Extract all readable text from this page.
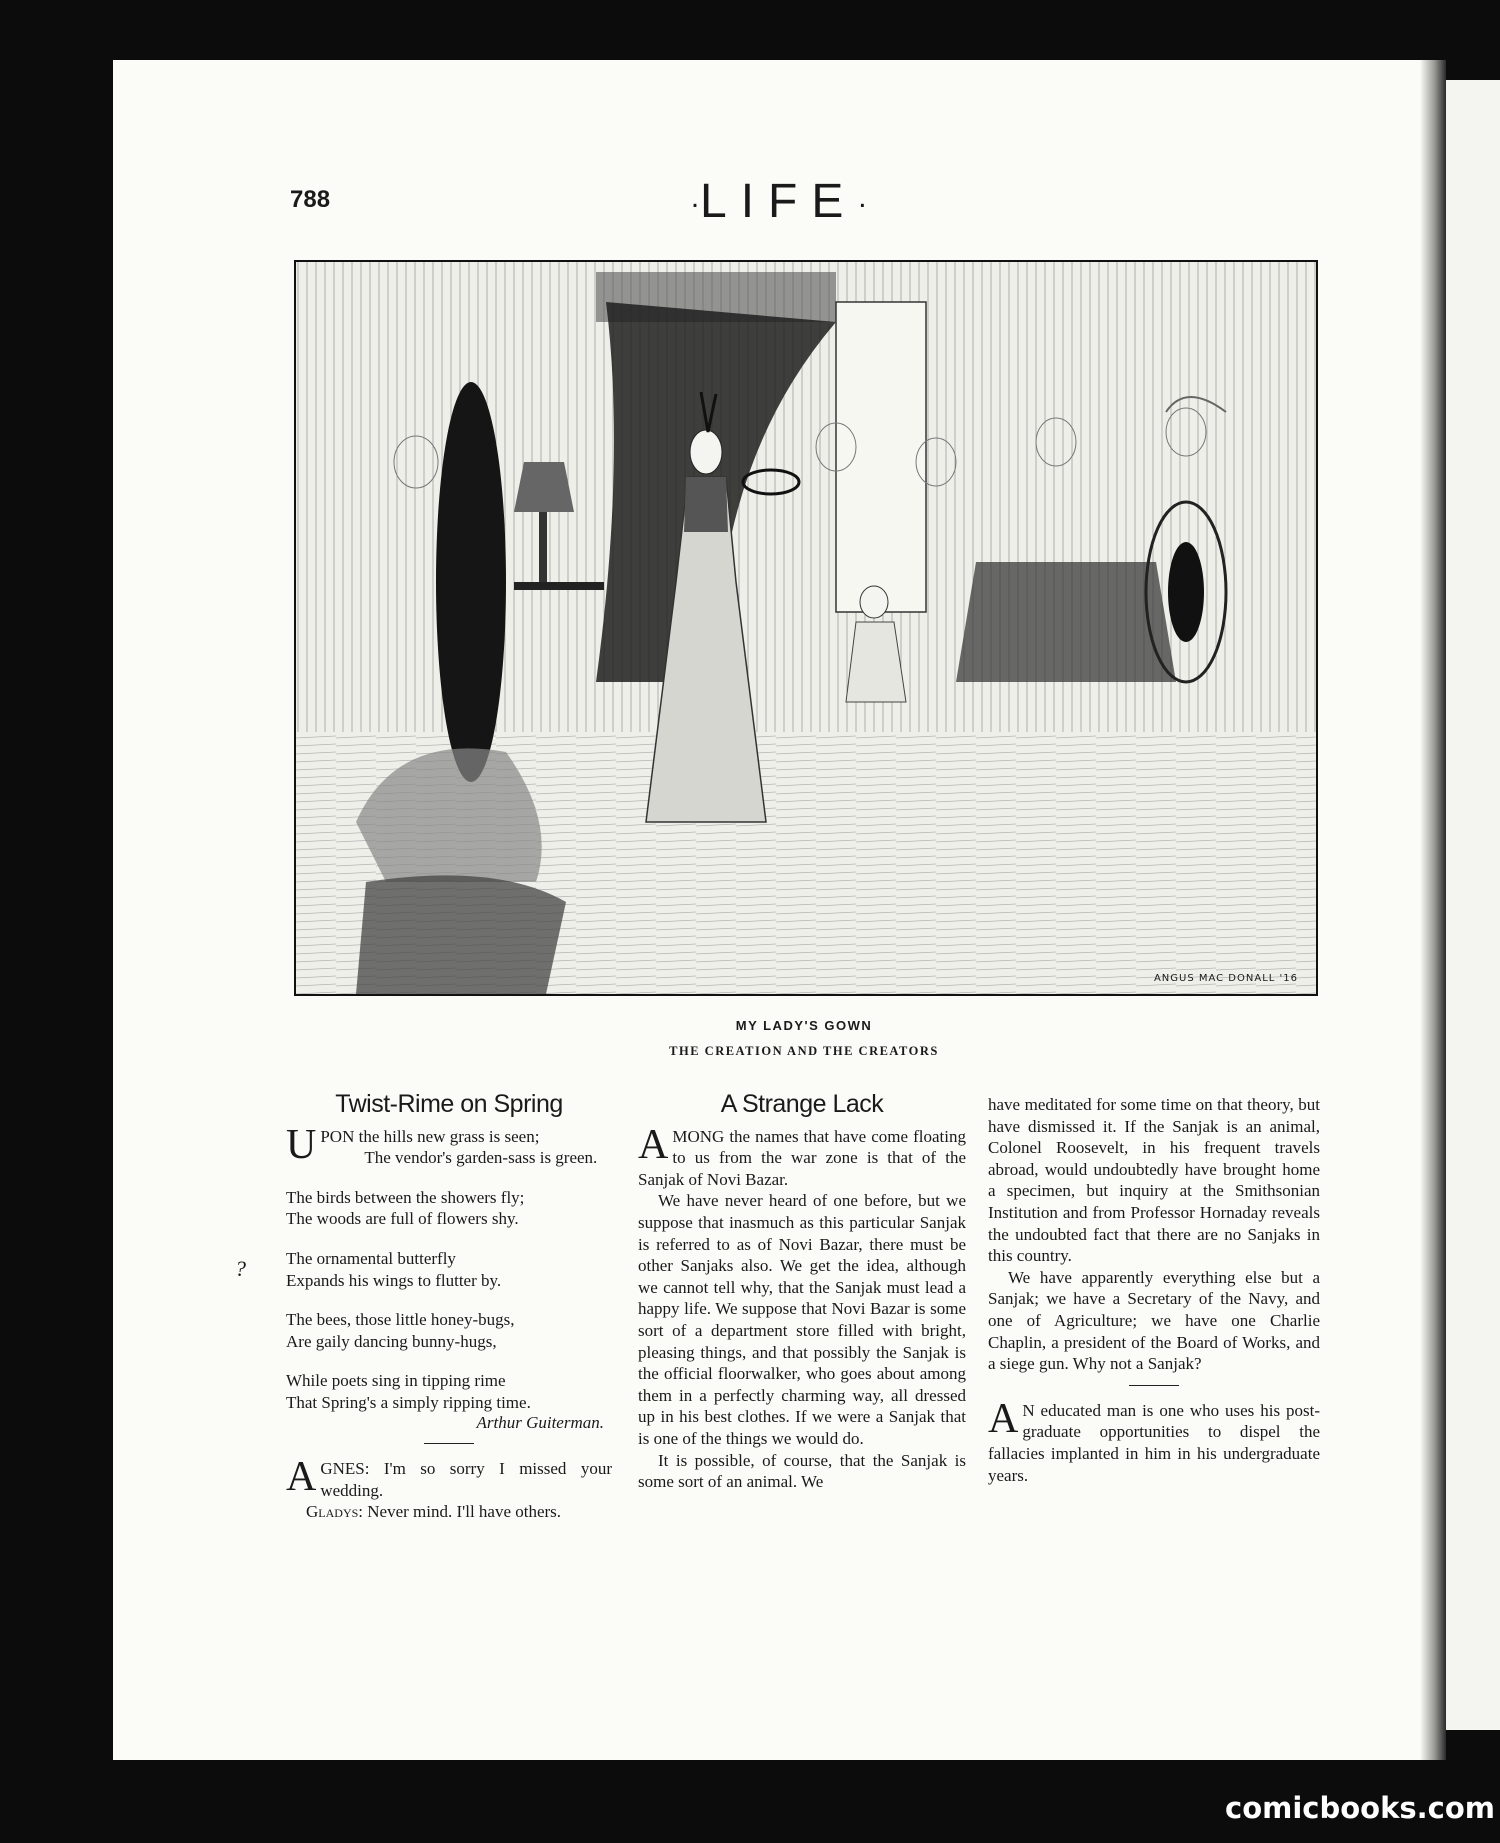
788	·LIFE·
ANGUS MAC DONALL '16
MY LADY'S GOWN
THE CREATION AND THE CREATORS
?
Twist-Rime on Spring

U PON the hills new grass is seen;
The vendor's garden-sass is green.

The birds between the showers fly;
The woods are full of flowers shy.

The ornamental butterfly
Expands his wings to flutter by.

The bees, those little honey-bugs,
Are gaily dancing bunny-hugs,

While poets sing in tipping rime
That Spring's a simply ripping time.

Arthur Guiterman.

A GNES: I'm so sorry I missed your wedding.

Gladys: Never mind. I'll have others.

A Strange Lack

AMONG the names that have come floating to us from the war zone is that of the Sanjak of Novi Bazar.

We have never heard of one before, but we suppose that inasmuch as this particular Sanjak is referred to as of Novi Bazar, there must be other Sanjaks also. We get the idea, although we cannot tell why, that the Sanjak must lead a happy life. We suppose that Novi Bazar is some sort of a department store filled with bright, pleasing things, and that possibly the Sanjak is the official floorwalker, who goes about among them in a perfectly charming way, all dressed up in his best clothes. If we were a Sanjak that is one of the things we would do.

It is possible, of course, that the Sanjak is some sort of an animal. We

have meditated for some time on that theory, but have dismissed it. If the Sanjak is an animal, Colonel Roosevelt, in his frequent travels abroad, would undoubtedly have brought home a specimen, but inquiry at the Smithsonian Institution and from Professor Hornaday reveals the undoubted fact that there are no Sanjaks in this country.

We have apparently everything else but a Sanjak; we have a Secretary of the Navy, and one of Agriculture; we have one Charlie Chaplin, a president of the Board of Works, and a siege gun. Why not a Sanjak?

A N educated man is one who uses his post-graduate opportunities to dispel the fallacies implanted in him in his undergraduate years.

comicbooks.com
